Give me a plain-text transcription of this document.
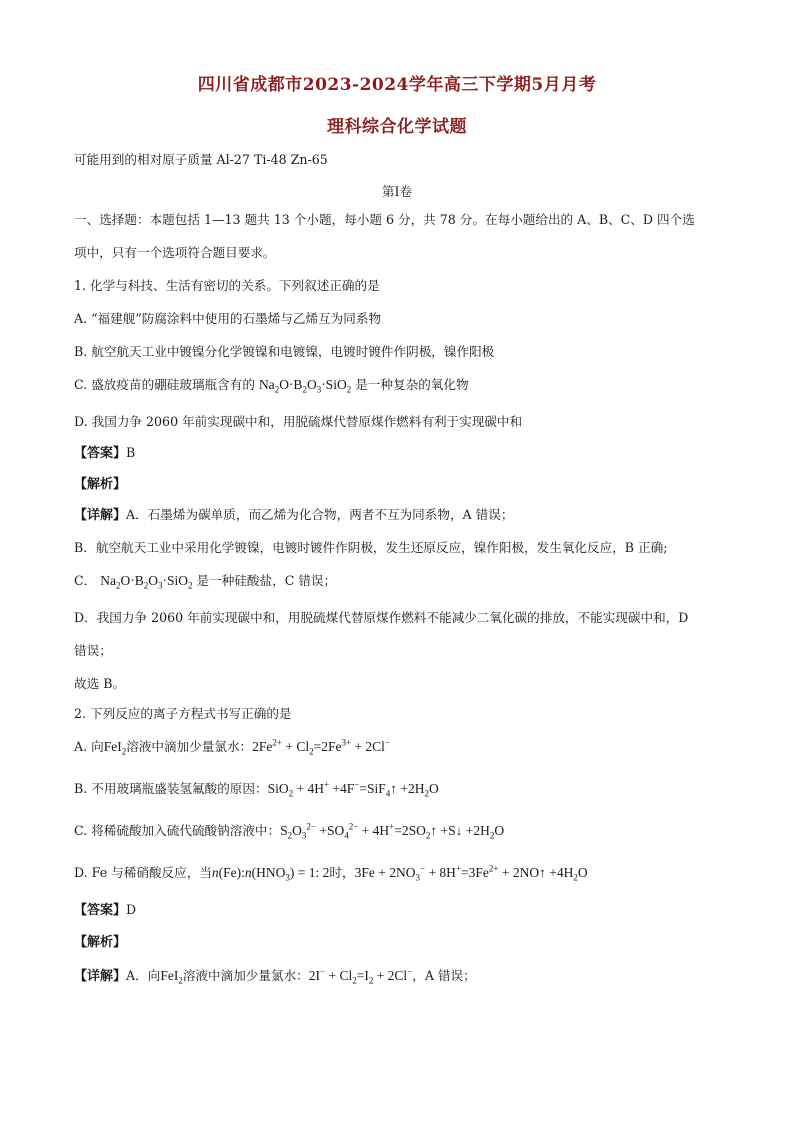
四川省成都市2023-2024学年高三下学期5月月考
理科综合化学试题
可能用到的相对原子质量 Al-27 Ti-48 Zn-65
第Ⅰ卷
一、选择题：本题包括 1—13 题共 13 个小题，每小题 6 分，共 78 分。在每小题给出的 A、B、C、D 四个选
项中，只有一个选项符合题目要求。
1. 化学与科技、生活有密切的关系。下列叙述正确的是
A. “福建舰”防腐涂料中使用的石墨烯与乙烯互为同系物
B. 航空航天工业中镀镍分化学镀镍和电镀镍，电镀时镀件作阴极，镍作阳极
C. 盛放疫苗的硼硅玻璃瓶含有的 $Na_2O\cdot B_2O_3\cdot SiO_2$ 是一种复杂的氧化物
D. 我国力争 2060 年前实现碳中和，用脱硫煤代替原煤作燃料有利于实现碳中和
【答案】B
【解析】
【详解】A．石墨烯为碳单质，而乙烯为化合物，两者不互为同系物，A 错误；
B．航空航天工业中采用化学镀镍，电镀时镀件作阴极，发生还原反应，镍作阳极，发生氧化反应，B 正确;
C． $Na_2O\cdot B_2O_3\cdot SiO_2$ 是一种硅酸盐，C 错误；
D．我国力争 2060 年前实现碳中和，用脱硫煤代替原煤作燃料不能减少二氧化碳的排放，不能实现碳中和，D
错误；
故选 B。
2. 下列反应的离子方程式书写正确的是
A. 向FeI$_2$溶液中滴加少量氯水：$2Fe^{2+} + Cl_2=2Fe^{3+} + 2Cl^-$
B. 不用玻璃瓶盛装氢氟酸的原因：SiO$_2$ + 4H+ +4F−=SiF$_4$↑ $+2H_2O$
C. 将稀硫酸加入硫代硫酸钠溶液中：$S_2O_3^{2-} +SO_4^{2-}$ + $4H^+=2SO_2↑$ +S↓ $+2H_2O$
D. Fe 与稀硝酸反应，当$n(Fe):n(HNO_3) = 1$: 2时，$3Fe + 2NO_3^- + 8H^+=3Fe^{2+}$ + 2NO↑ $+4H_2O$
【答案】D
【解析】
【详解】A．向FeI$_2$溶液中滴加少量氯水：$2I^- + Cl_2=I_2 + 2Cl^-$，A 错误；
